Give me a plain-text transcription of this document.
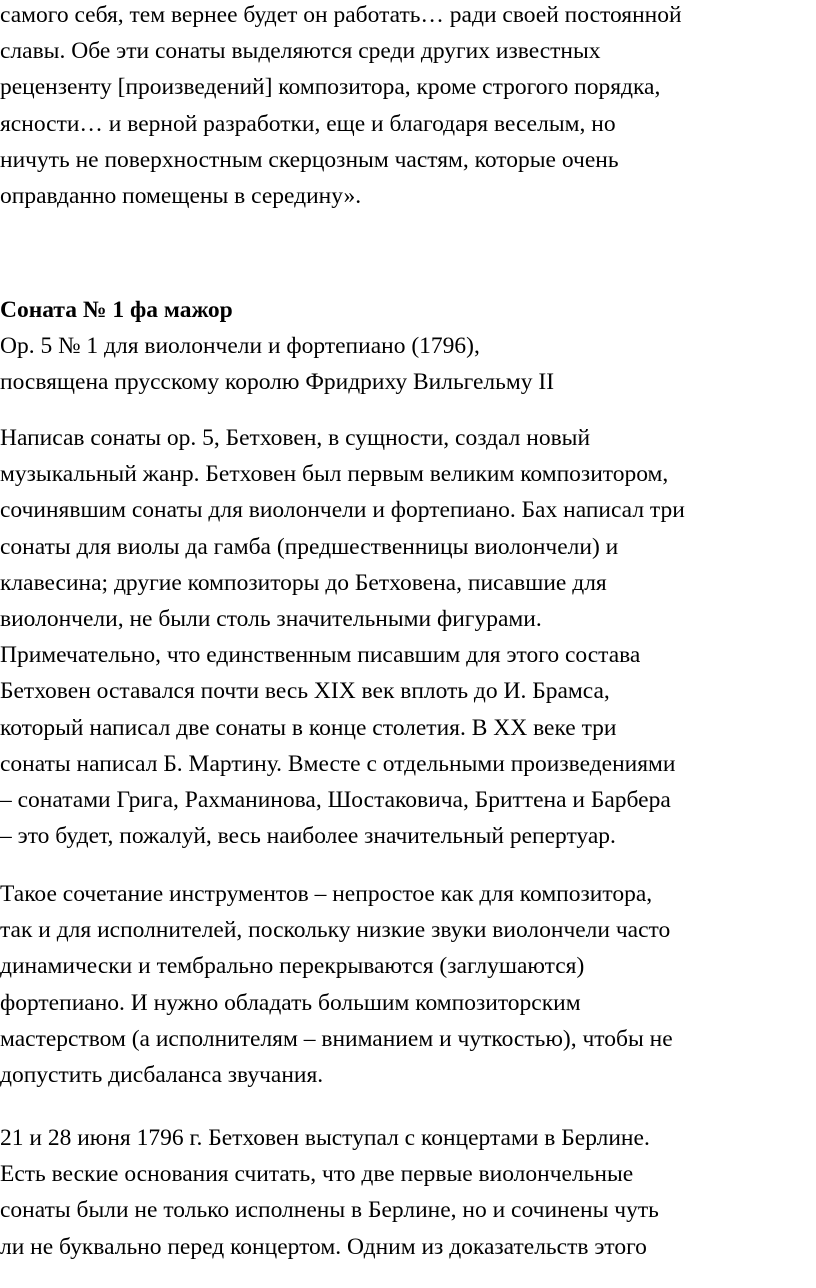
самого себя, тем вернее будет он работать… ради своей постоянной
славы. Обе эти сонаты выделяются среди других известных
рецензенту [произведений] композитора, кроме строгого порядка,
ясности… и верной разработки, еще и благодаря веселым, но
ничуть не поверхностным скерцозным частям, которые очень
оправданно помещены в середину».
Соната № 1 фа мажор
Ор. 5 № 1 для виолончели и фортепиано (1796),
посвящена прусскому королю Фридриху Вильгельму II
Написав сонаты ор. 5, Бетховен, в сущности, создал новый
музыкальный жанр. Бетховен был первым великим композитором,
сочинявшим сонаты для виолончели и фортепиано. Бах написал три
сонаты для виолы да гамба (предшественницы виолончели) и
клавесина; другие композиторы до Бетховена, писавшие для
виолончели, не были столь значительными фигурами.
Примечательно, что единственным писавшим для этого состава
Бетховен оставался почти весь XIX век вплоть до И. Брамса,
который написал две сонаты в конце столетия. В XX веке три
сонаты написал Б. Мартину. Вместе с отдельными произведениями
– сонатами Грига, Рахманинова, Шостаковича, Бриттена и Барбера
– это будет, пожалуй, весь наиболее значительный репертуар.
Такое сочетание инструментов – непростое как для композитора,
так и для исполнителей, поскольку низкие звуки виолончели часто
динамически и тембрально перекрываются (заглушаются)
фортепиано. И нужно обладать большим композиторским
мастерством (а исполнителям – вниманием и чуткостью), чтобы не
допустить дисбаланса звучания.
21 и 28 июня 1796 г. Бетховен выступал с концертами в Берлине.
Есть веские основания считать, что две первые виолончельные
сонаты были не только исполнены в Берлине, но и сочинены чуть
ли не буквально перед концертом. Одним из доказательств этого
